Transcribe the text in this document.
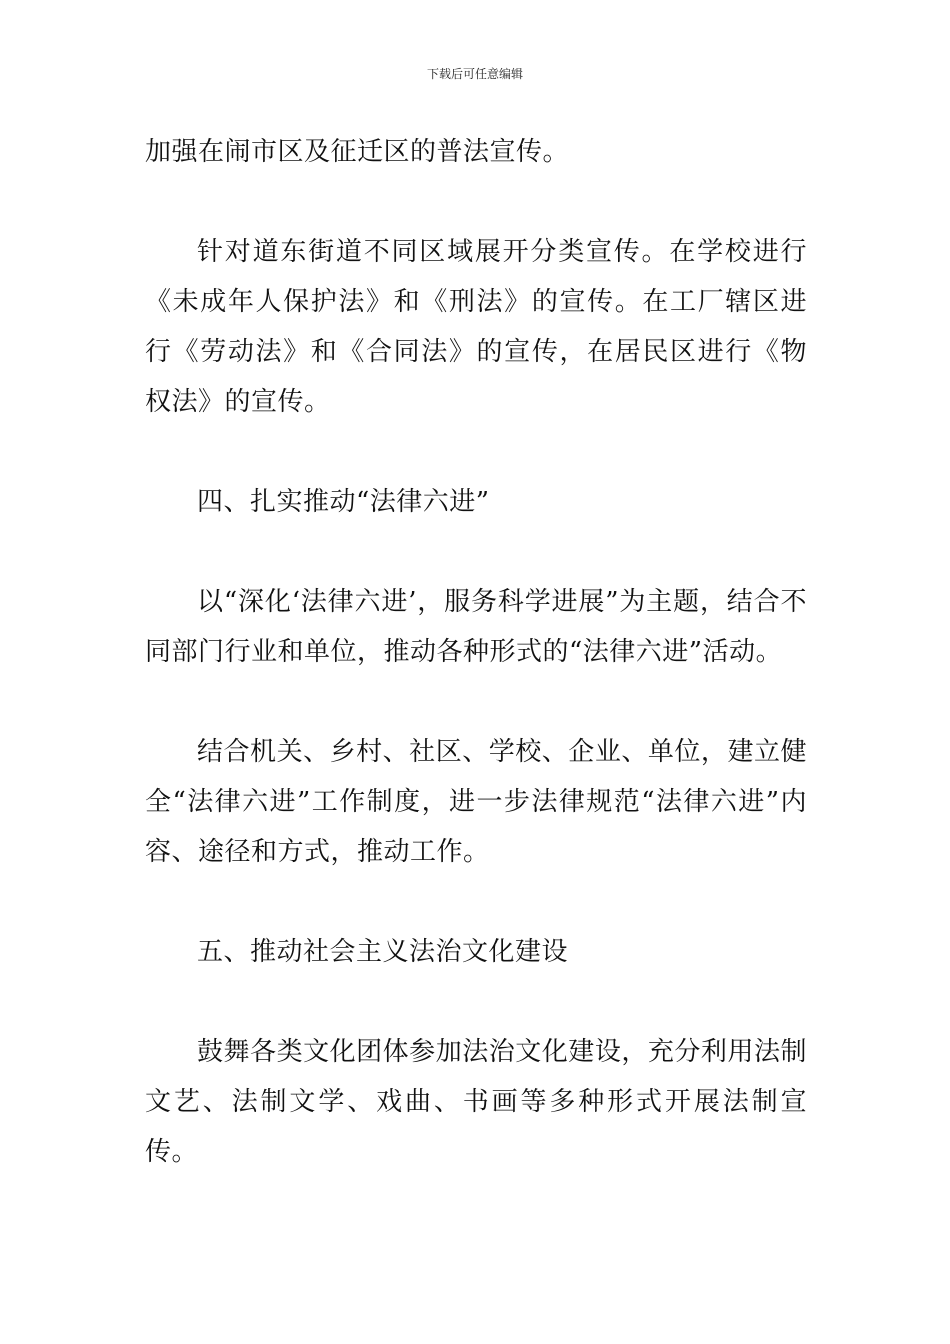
下载后可任意编辑

加强在闹市区及征迁区的普法宣传。

针对道东街道不同区域展开分类宣传。在学校进行《未成年人保护法》和《刑法》的宣传。在工厂辖区进行《劳动法》和《合同法》的宣传，在居民区进行《物权法》的宣传。

四、扎实推动“法律六进”

以“深化‘法律六进’，服务科学进展”为主题，结合不同部门行业和单位，推动各种形式的“法律六进”活动。

结合机关、乡村、社区、学校、企业、单位，建立健全“法律六进”工作制度，进一步法律规范“法律六进”内容、途径和方式，推动工作。

五、推动社会主义法治文化建设

鼓舞各类文化团体参加法治文化建设，充分利用法制文艺、法制文学、戏曲、书画等多种形式开展法制宣传。
